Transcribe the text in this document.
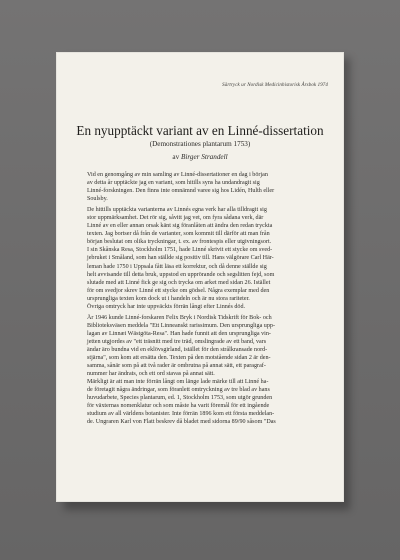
Särtryck ur Nordisk Medicinhistorisk Årsbok 1974
En nyupptäckt variant av en Linné-dissertation
(Demonstrationes plantarum 1753)
av Birger Strandell

Vid en genomgång av min samling av Linné-dissertationer en dag i början
av detta år upptäckte jag en variant, som hitills syns ha undandragit sig
Linné-forskningen. Den finns inte omnämnd varee sig hos Lidén, Hulth eller
Soulsby.

De hittills upptäckta varianterna av Linnés egna verk har alla tilldragit sig
stor uppmärksamhet. Det rör sig, såvitt jag vet, om fyra sådana verk, där
Linné av en eller annan orsak känt sig föranlåten att ändra den redan tryckta
texten. Jag bortser då från de varianter, som kommit till därför att man från
början beslutat om olika tryckningar, t. ex. av frontespis eller utgivningsort.

I sin Skånska Resa, Stockholm 1751, hade Linné skrivit ett stycke om sved-
jebruket i Småland, som han ställde sig positiv till. Hans välgörare Carl Här-
leman hade 1750 i Uppsala fått läsa ett korrektur, och då denne ställde sig
helt avvisande till detta bruk, uppstod en upprörande och segslitten fejd, som
slutade med att Linné fick ge sig och trycka om arket med sidan 26. Istället
för om svedjor skrev Linné ett stycke om gödsel. Några exemplar med den
ursprungliga texten kom dock ut i handeln och är nu stora rariteter.
Övriga omtryck har inte uppväckts förrän långt efter Linnés död.

År 1946 kunde Linné-forskaren Felix Bryk i Nordisk Tidskrift för Bok- och
Biblioteksväsen meddela "Ett Linneanskt rarissimum. Den ursprungliga upp-
lagan av Linnæi Wästgöta-Resa". Han hade funnit att den ursprungliga vin-
jetten utgjordes av "ett träsnitt med tre träd, omslingrade av ett band, vars
ändar äro bundna vid en eklövsgirland, istället för den strålkransade nord-
stjärna", som kom att ersätta den. Texten på den motstående sidan 2 är den-
samma, sånär som på att två rader är ombrutna på annat sätt, ett paragraf-
nummer har ändrats, och ett ord stavas på annat sätt.

Märkligt är att man inte förrän långt om länge lade märke till att Linné ha-
de företagit några ändringar, som föranlett omtryckning av tre blad av hans
huvudarbete, Species plantarum, ed. 1, Stockholm 1753, som utgör grunden
för växternas nomenklatur och som måste ha varit föremål för ett ingående
studium av all världens botanister. Inte förrän 1896 kom ett första meddelan-
de. Ungraren Karl von Flatt beskrev då bladet med sidorna 89/90 såsom "Das
